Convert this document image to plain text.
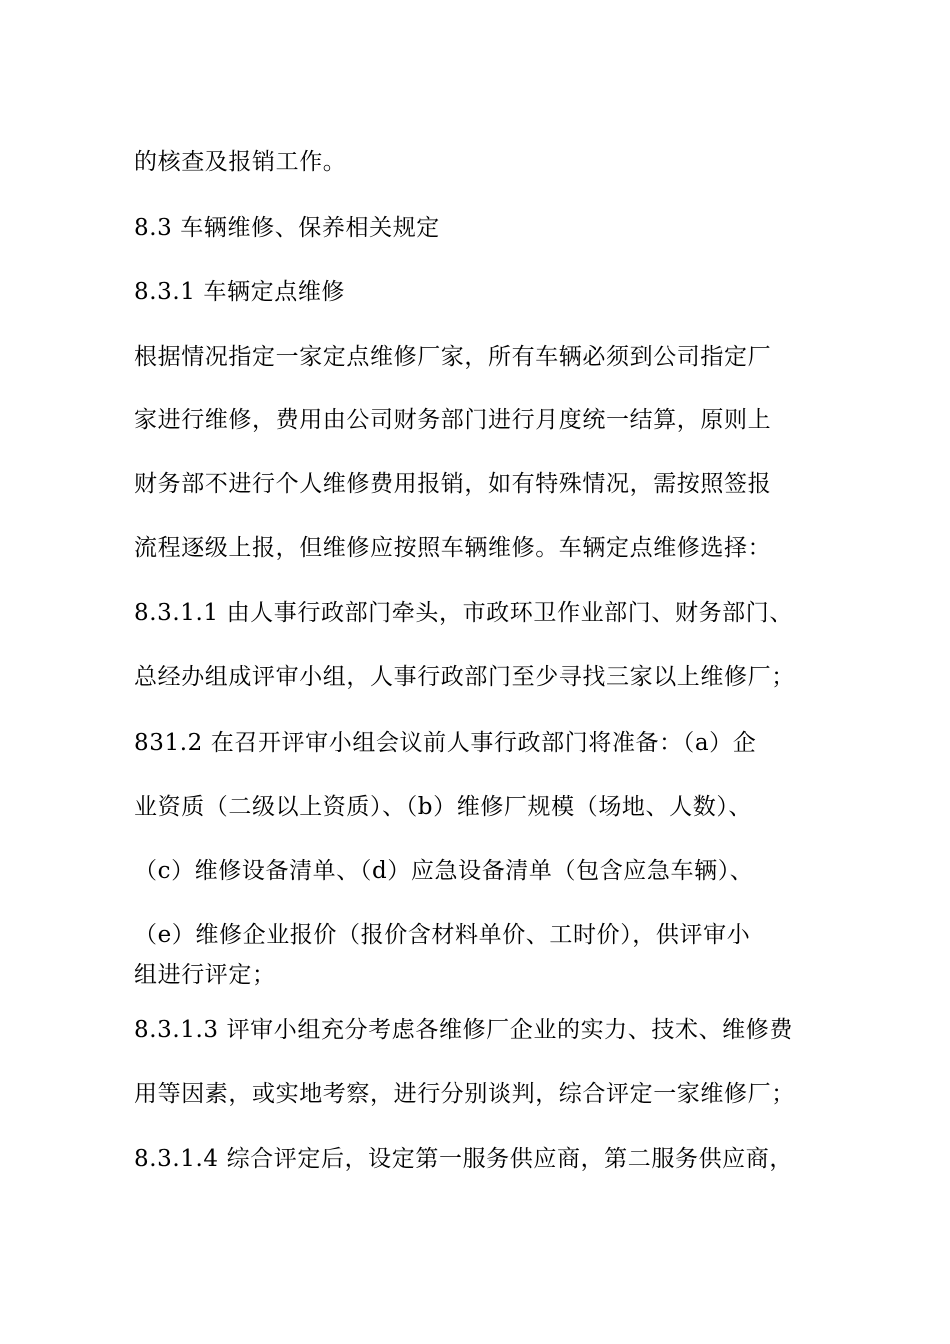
的核查及报销工作。
8.3 车辆维修、保养相关规定
8.3.1 车辆定点维修
根据情况指定一家定点维修厂家，所有车辆必须到公司指定厂
家进行维修，费用由公司财务部门进行月度统一结算，原则上
财务部不进行个人维修费用报销，如有特殊情况，需按照签报
流程逐级上报，但维修应按照车辆维修。车辆定点维修选择：
8.3.1.1 由人事行政部门牵头，市政环卫作业部门、财务部门、
总经办组成评审小组，人事行政部门至少寻找三家以上维修厂；
831.2 在召开评审小组会议前人事行政部门将准备：（a）企
业资质（二级以上资质）、（b）维修厂规模（场地、人数）、
（c）维修设备清单、（d）应急设备清单（包含应急车辆）、
（e）维修企业报价（报价含材料单价、工时价），供评审小
组进行评定；
8.3.1.3 评审小组充分考虑各维修厂企业的实力、技术、维修费
用等因素，或实地考察，进行分别谈判，综合评定一家维修厂；
8.3.1.4 综合评定后，设定第一服务供应商，第二服务供应商，
